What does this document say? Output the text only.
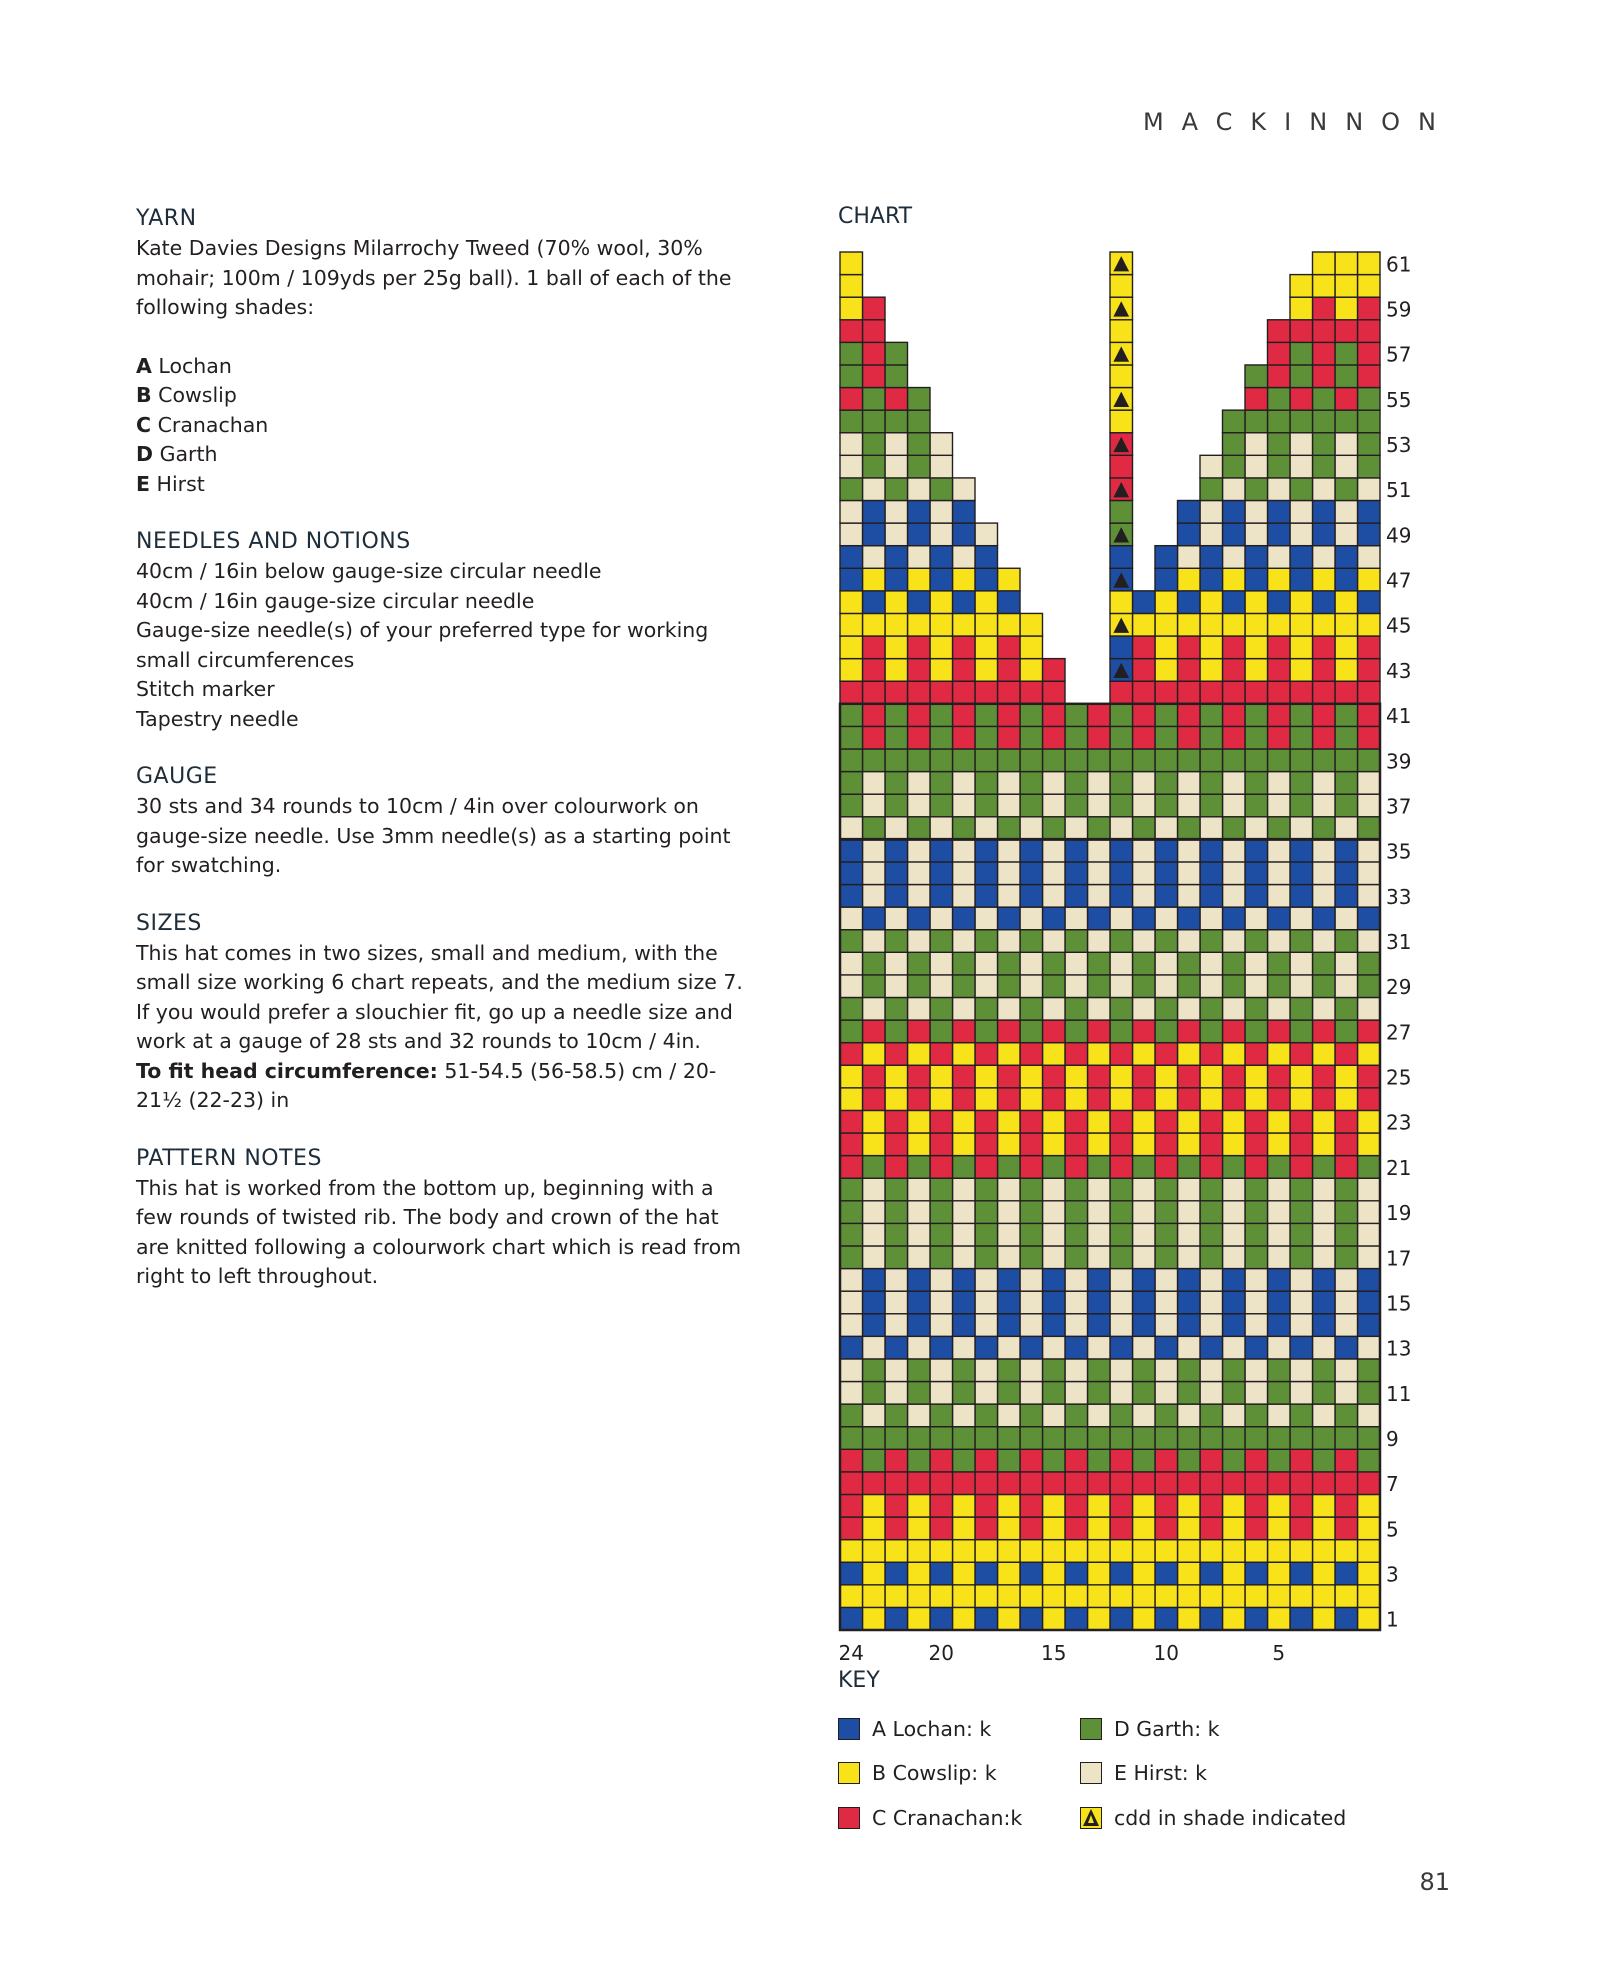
MACKINNON
YARN

Kate Davies Designs Milarrochy Tweed (70% wool, 30% mohair; 100m / 109yds per 25g ball). 1 ball of each of the following shades:

A Lochan
B Cowslip
C Cranachan
D Garth
E Hirst
NEEDLES AND NOTIONS
40cm / 16in below gauge-size circular needle
40cm / 16in gauge-size circular needle
Gauge-size needle(s) of your preferred type for working small circumferences
Stitch marker
Tapestry needle
GAUGE

30 sts and 34 rounds to 10cm / 4in over colourwork on gauge-size needle. Use 3mm needle(s) as a starting point for swatching.

SIZES

This hat comes in two sizes, small and medium, with the small size working 6 chart repeats, and the medium size 7.

If you would prefer a slouchier fit, go up a needle size and work at a gauge of 28 sts and 32 rounds to 10cm / 4in.

To fit head circumference: 51-54.5 (56-58.5) cm / 20-21½ (22-23) in

PATTERN NOTES

This hat is worked from the bottom up, beginning with a few rounds of twisted rib. The body and crown of the hat are knitted following a colourwork chart which is read from right to left throughout.

CHART
1
3
5
7
9
11
13
15
17
19
21
23
25
27
29
31
33
35
37
39
41
43
45
47
49
51
53
55
57
59
61
24	20	15	10	5
KEY
A Lochan: k
B Cowslip: k
C Cranachan:k
D Garth: k
E Hirst: k
cdd in shade indicated
81
